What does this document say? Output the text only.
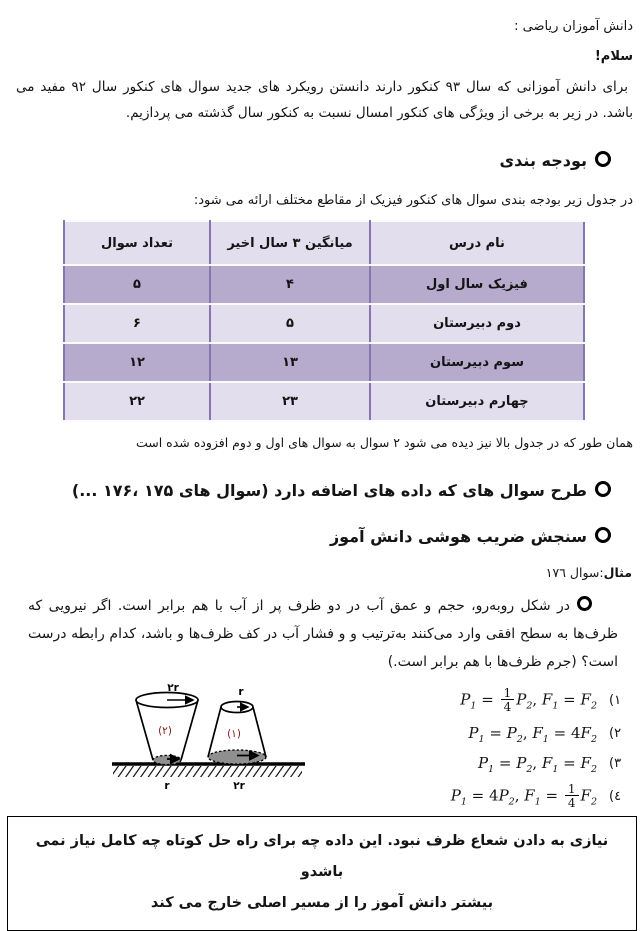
دانش آموزان ریاضی :

سلام!

برای دانش آموزانی که سال ۹۳ کنکور دارند دانستن رویکرد های جدید سوال های کنکور سال ۹۲ مفید می باشد. در زیر به برخی از ویژگی های کنکور امسال نسبت به کنکور سال گذشته می پردازیم.

بودجه بندی

در جدول زیر بودجه بندی سوال های کنکور فیزیک از مقاطع مختلف ارائه می شود:

نام درس	میانگین ۳ سال اخیر	تعداد سوال
فیزیک سال اول	۴	۵
دوم دبیرستان	۵	۶
سوم دبیرستان	۱۳	۱۲
چهارم دبیرستان	۲۳	۲۲

همان طور که در جدول بالا نیز دیده می شود ۲ سوال به سوال های اول و دوم افزوده شده است

طرح سوال های که داده های اضافه دارد (سوال های ۱۷۵ ،۱۷۶ ...)
سنجش ضریب هوشی دانش آموز

مثال:سوال ١٧٦

در شکل روبه‌رو، حجم و عمق آب در دو ظرف پر از آب با هم برابر است. اگر نیرویی که ظرف‌ها به سطح افقی وارد می‌کنند به‌ترتیب و و فشار آب در کف ظرف‌ها و باشد، کدام رابطه درست است؟ (جرم ظرف‌ها با هم برابر است.)
۲r
(۲)
r
r
(۱)
۲r
$P_1 = \frac{1}{4} P_2$, $F_1 = F_2$ (١
$P_1 = P_2$, $F_1 = 4F_2$ (٢
$P_1 = P_2$, $F_1 = F_2$ (٣
$P_1 = 4P_2$, $F_1 = \frac{1}{4} F_2$ (٤

نیازی به دادن شعاع ظرف نبود. این داده چه برای راه حل کوتاه چه کامل نیاز نمی باشدو

بیشتر دانش آموز را از مسیر اصلی خارج می کند
